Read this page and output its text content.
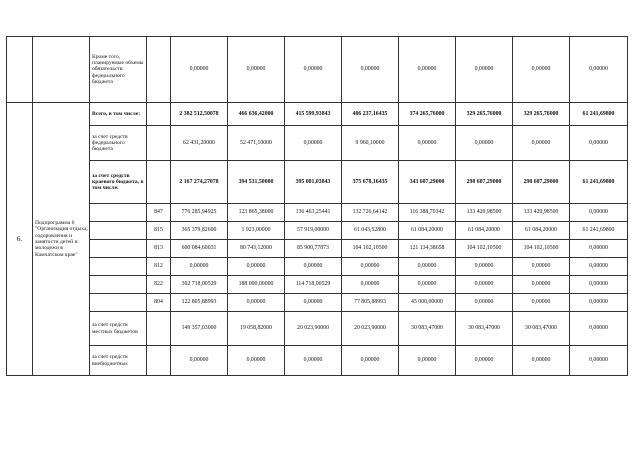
		Кроме того, планируемые объемы обязательств федерального бюджета		0,00000	0,00000	0,00000	0,00000	0,00000	0,00000	0,00000	0,00000
6.	Подпрограмма 6 "Организация отдыха, оздоровления и занятости детей и молодежи в Камчатском крае"	Всего, в том числе:		2 382 512,50078	466 636,42000	415 599,93843	406 237,16435	374 265,76000	329 265,76000	329 265,76000	61 241,69800
		за счет средств федерального бюджета		62 431,20000	52 471,10000	0,00000	9 960,10000	0,00000	0,00000	0,00000	0,00000
		за счет средств краевого бюджета, в том числе:		2 167 274,27078	394 531,50000	395 001,03843	375 678,16435	343 607,29000	298 607,29000	298 607,29000	61 241,69800
			847	776 285,94925	123 865,38000	136 463,25441	132 726,64142	116 388,70342	133 420,98500	133 420,98500	0,00000
			815	365 379,82600	1 923,00000	57 919,00000	61 043,52800	61 084,20000	61 084,20000	61 084,20000	61 241,69800
			813	600 084,60031	80 743,12000	85 900,77873	104 102,10500	121 134,38658	104 102,10500	104 102,10500	0,00000
			812	0,00000	0,00000	0,00000	0,00000	0,00000	0,00000	0,00000	0,00000
			822	302 718,00529	188 000,00000	114 718,00529	0,00000	0,00000	0,00000	0,00000	0,00000
			804	122 805,88993	0,00000	0,00000	77 805,88993	45 000,00000	0,00000	0,00000	0,00000
		за счет средств местных бюджетов		149 357,03000	19 058,82000	20 023,90000	20 023,90000	30 083,47000	30 083,47000	30 083,47000	0,00000
		за счет средств внебюджетных		0,00000	0,00000	0,00000	0,00000	0,00000	0,00000	0,00000	0,00000
